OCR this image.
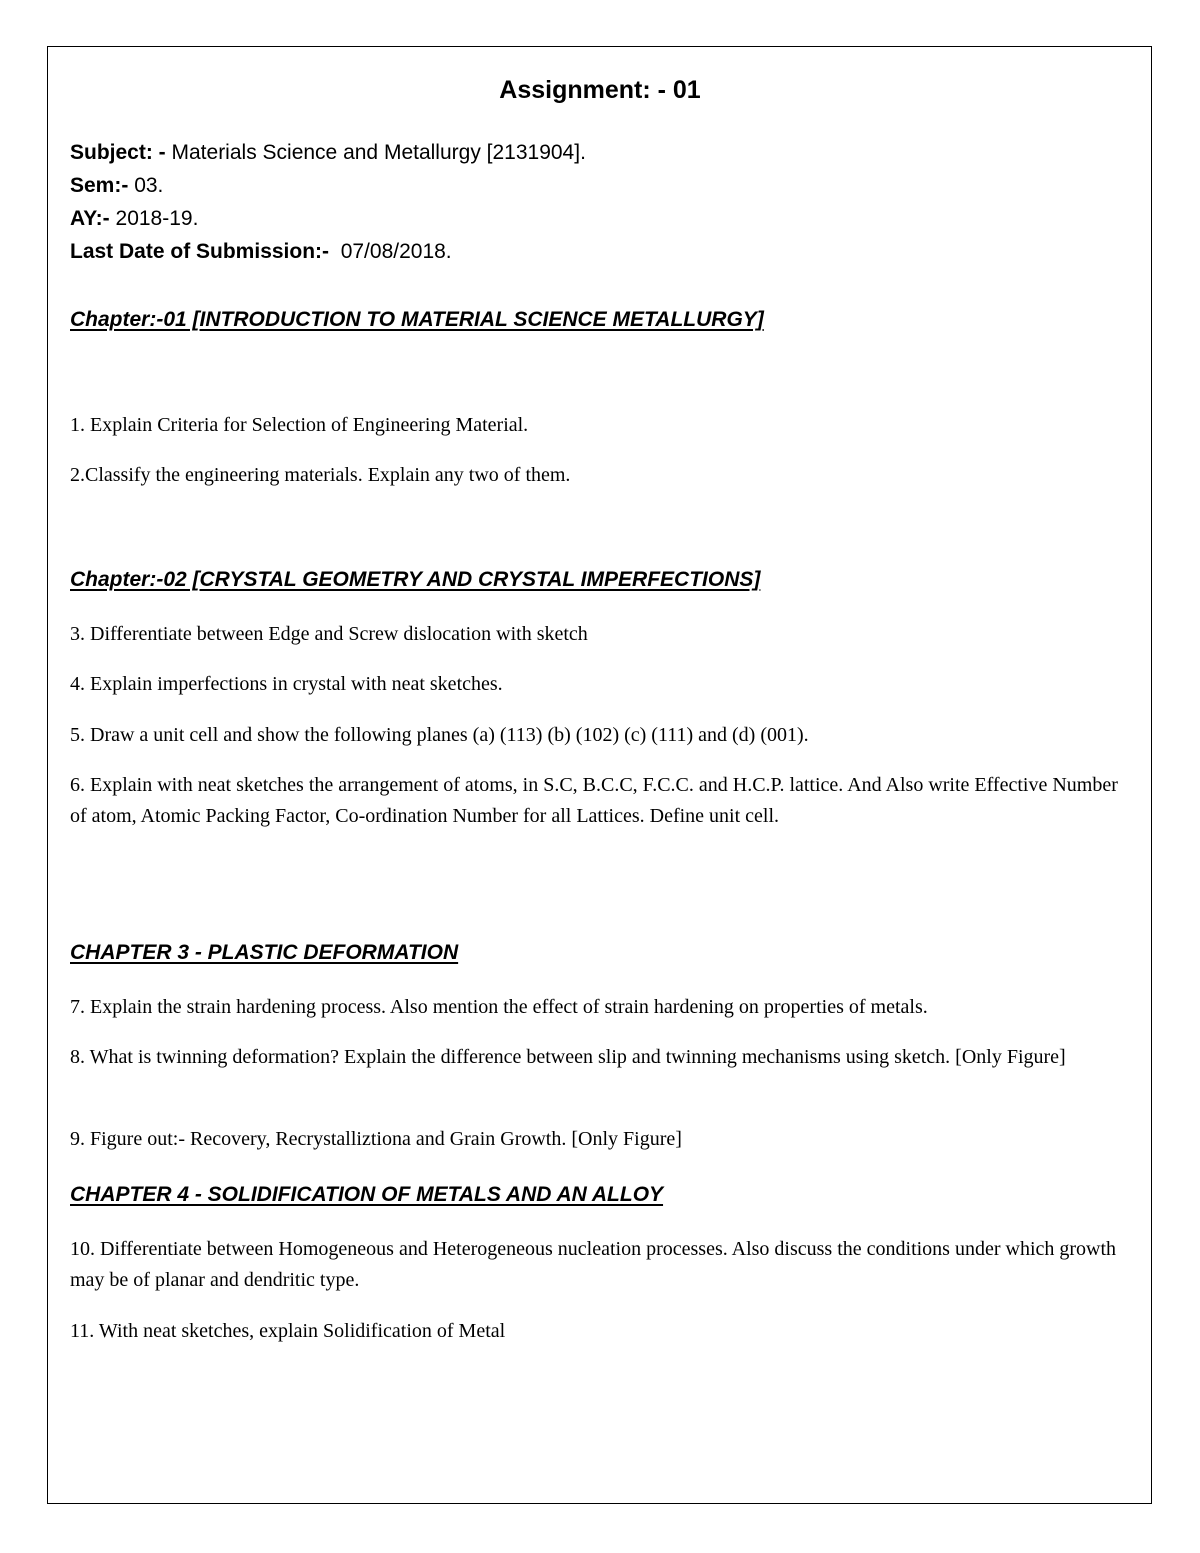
Assignment: - 01
Subject: - Materials Science and Metallurgy [2131904].
Sem:- 03.
AY:- 2018-19.
Last Date of Submission:-  07/08/2018.
Chapter:-01 [INTRODUCTION TO MATERIAL SCIENCE METALLURGY]
1. Explain Criteria for Selection of Engineering Material.
2.Classify the engineering materials. Explain any two of them.
Chapter:-02 [CRYSTAL GEOMETRY AND CRYSTAL IMPERFECTIONS]
3. Differentiate between Edge and Screw dislocation with sketch
4. Explain imperfections in crystal with neat sketches.
5. Draw a unit cell and show the following planes (a) (113) (b) (102) (c) (111) and (d) (001).
6. Explain with neat sketches the arrangement of atoms, in S.C, B.C.C, F.C.C. and H.C.P. lattice. And Also write Effective Number of atom, Atomic Packing Factor, Co-ordination Number for all Lattices. Define unit cell.
CHAPTER 3 - PLASTIC DEFORMATION
7. Explain the strain hardening process. Also mention the effect of strain hardening on properties of metals.
8. What is twinning deformation? Explain the difference between slip and twinning mechanisms using sketch. [Only Figure]
9. Figure out:- Recovery, Recrystalliztiona and Grain Growth. [Only Figure]
CHAPTER 4 - SOLIDIFICATION OF METALS AND AN ALLOY
10. Differentiate between Homogeneous and Heterogeneous nucleation processes. Also discuss the conditions under which growth may be of planar and dendritic type.
11. With neat sketches, explain Solidification of Metal
